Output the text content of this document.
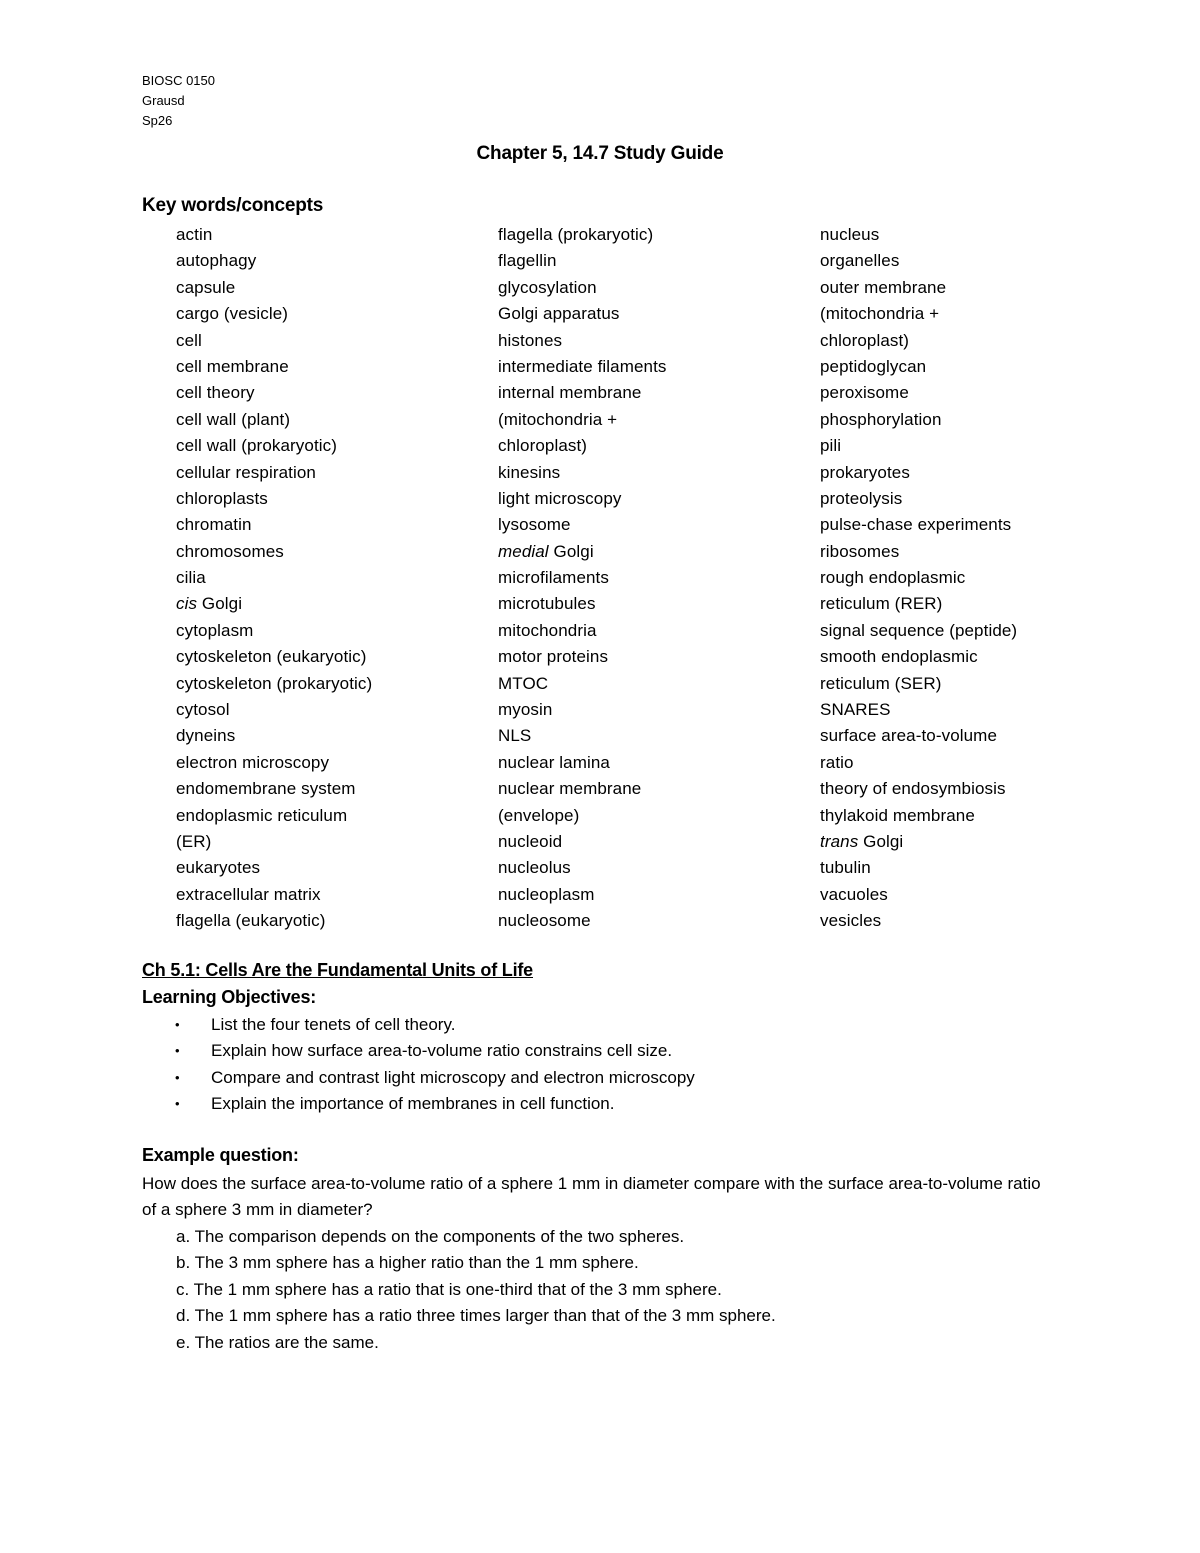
BIOSC 0150
Grausd
Sp26
Chapter 5, 14.7 Study Guide
Key words/concepts
actin
autophagy
capsule
cargo (vesicle)
cell
cell membrane
cell theory
cell wall (plant)
cell wall (prokaryotic)
cellular respiration
chloroplasts
chromatin
chromosomes
cilia
cis Golgi
cytoplasm
cytoskeleton (eukaryotic)
cytoskeleton (prokaryotic)
cytosol
dyneins
electron microscopy
endomembrane system
endoplasmic reticulum
(ER)
eukaryotes
extracellular matrix
flagella (eukaryotic)
flagella (prokaryotic)
flagellin
glycosylation
Golgi apparatus
histones
intermediate filaments
internal membrane
(mitochondria +
chloroplast)
kinesins
light microscopy
lysosome
medial Golgi
microfilaments
microtubules
mitochondria
motor proteins
MTOC
myosin
NLS
nuclear lamina
nuclear membrane
(envelope)
nucleoid
nucleolus
nucleoplasm
nucleosome
nucleus
organelles
outer membrane
(mitochondria +
chloroplast)
peptidoglycan
peroxisome
phosphorylation
pili
prokaryotes
proteolysis
pulse-chase experiments
ribosomes
rough endoplasmic
reticulum (RER)
signal sequence (peptide)
smooth endoplasmic
reticulum (SER)
SNARES
surface area-to-volume
ratio
theory of endosymbiosis
thylakoid membrane
trans Golgi
tubulin
vacuoles
vesicles
Ch 5.1: Cells Are the Fundamental Units of Life
Learning Objectives:
• List the four tenets of cell theory.
• Explain how surface area-to-volume ratio constrains cell size.
• Compare and contrast light microscopy and electron microscopy
• Explain the importance of membranes in cell function.
Example question:
How does the surface area-to-volume ratio of a sphere 1 mm in diameter compare with the surface area-to-volume ratio of a sphere 3 mm in diameter?
a. The comparison depends on the components of the two spheres.
b. The 3 mm sphere has a higher ratio than the 1 mm sphere.
c. The 1 mm sphere has a ratio that is one-third that of the 3 mm sphere.
d. The 1 mm sphere has a ratio three times larger than that of the 3 mm sphere.
e. The ratios are the same.
